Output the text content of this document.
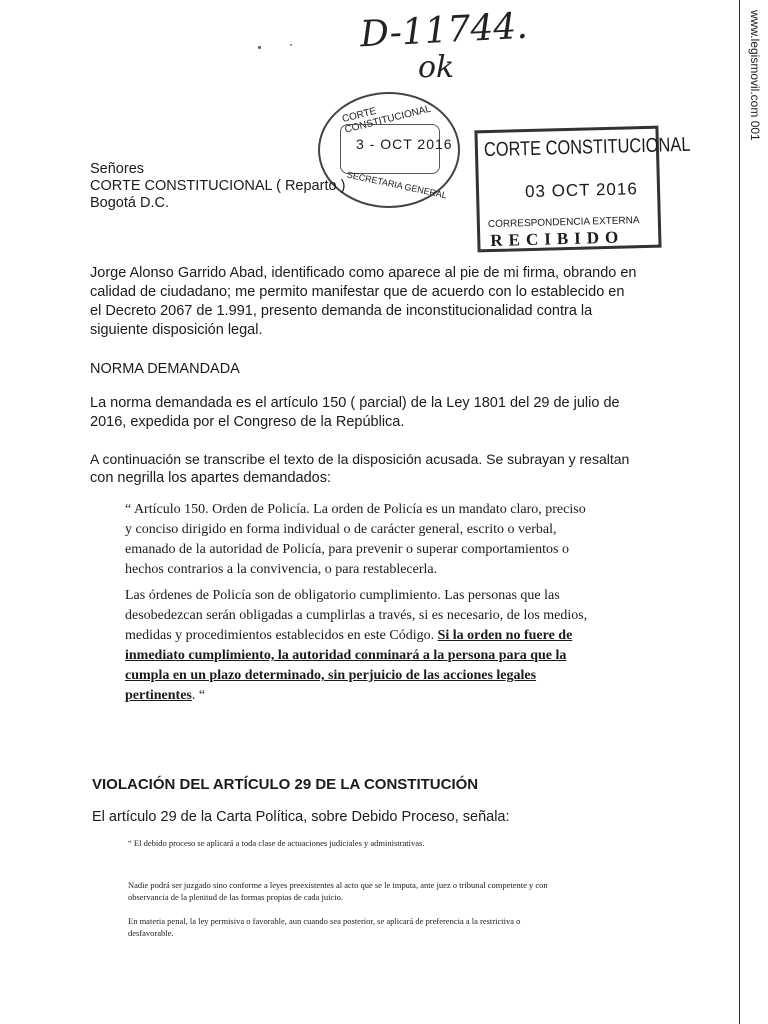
D-11744.
ok	www.legismovil.com 001
CORTE CONSTITUCIONAL
3 - OCT 2016
SECRETARIA GENERAL
CORTE CONSTITUCIONAL
03 OCT 2016
CORRESPONDENCIA EXTERNA
RECIBIDO
Señores
CORTE CONSTITUCIONAL ( Reparto )
Bogotá D.C.
Jorge Alonso Garrido Abad, identificado como aparece al pie de mi firma, obrando en
calidad de ciudadano; me permito manifestar que de acuerdo con lo establecido en
el Decreto 2067 de 1.991, presento demanda de inconstitucionalidad contra la
siguiente disposición legal.
NORMA DEMANDADA
La norma demandada es el artículo 150 ( parcial) de la Ley 1801 del 29 de julio de
2016, expedida por el Congreso de la República.
A continuación se transcribe el texto de la disposición acusada. Se subrayan y resaltan
con negrilla los apartes demandados:
“ Artículo 150. Orden de Policía. La orden de Policía es un mandato claro, preciso
y conciso dirigido en forma individual o de carácter general, escrito o verbal,
emanado de la autoridad de Policía, para prevenir o superar comportamientos o
hechos contrarios a la convivencia, o para restablecerla.
Las órdenes de Policía son de obligatorio cumplimiento. Las personas que las
desobedezcan serán obligadas a cumplirlas a través, si es necesario, de los medios,
medidas y procedimientos establecidos en este Código. Si la orden no fuere de
inmediato cumplimiento, la autoridad conminará a la persona para que la
cumpla en un plazo determinado, sin perjuicio de las acciones legales
pertinentes. “
VIOLACIÓN DEL ARTÍCULO 29 DE LA CONSTITUCIÓN
El artículo 29 de la Carta Política, sobre Debido Proceso, señala:
“ El debido proceso se aplicará a toda clase de actuaciones judiciales y administrativas.
Nadie podrá ser juzgado sino conforme a leyes preexistentes al acto que se le imputa, ante juez o tribunal competente y con
observancia de la plenitud de las formas propias de cada juicio.
En materia penal, la ley permisiva o favorable, aun cuando sea posterior, se aplicará de preferencia a la restrictiva o
desfavorable.
